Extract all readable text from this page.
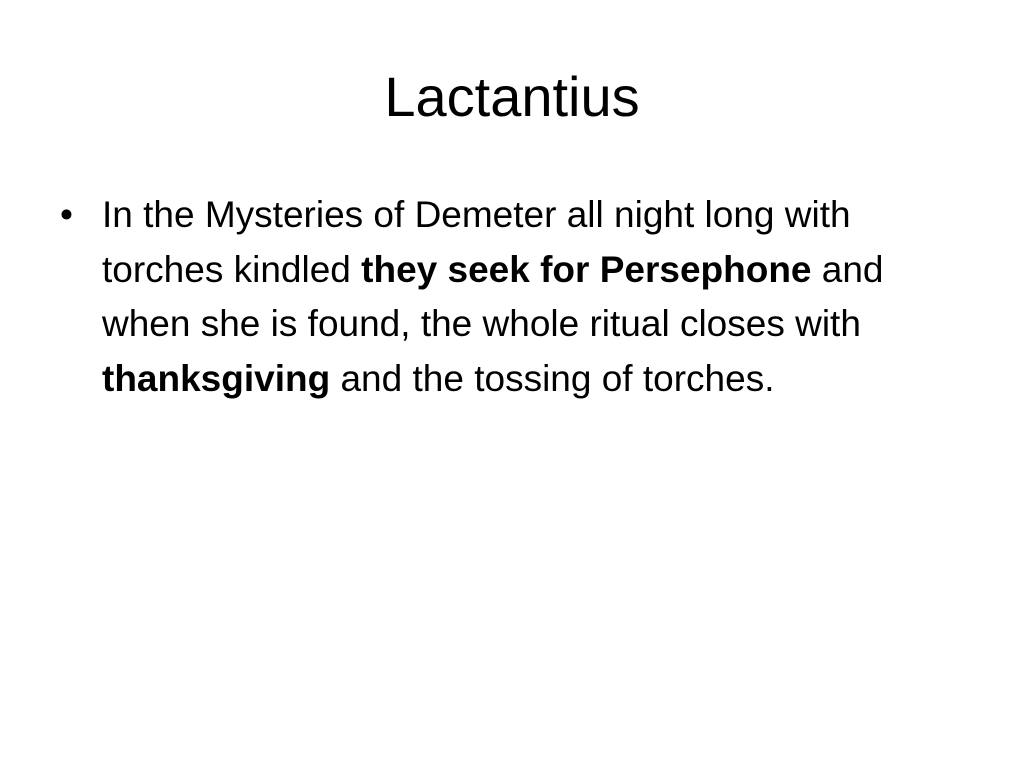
Lactantius
• In the Mysteries of Demeter all night long with torches kindled they seek for Persephone and when she is found, the whole ritual closes with thanksgiving and the tossing of torches.
